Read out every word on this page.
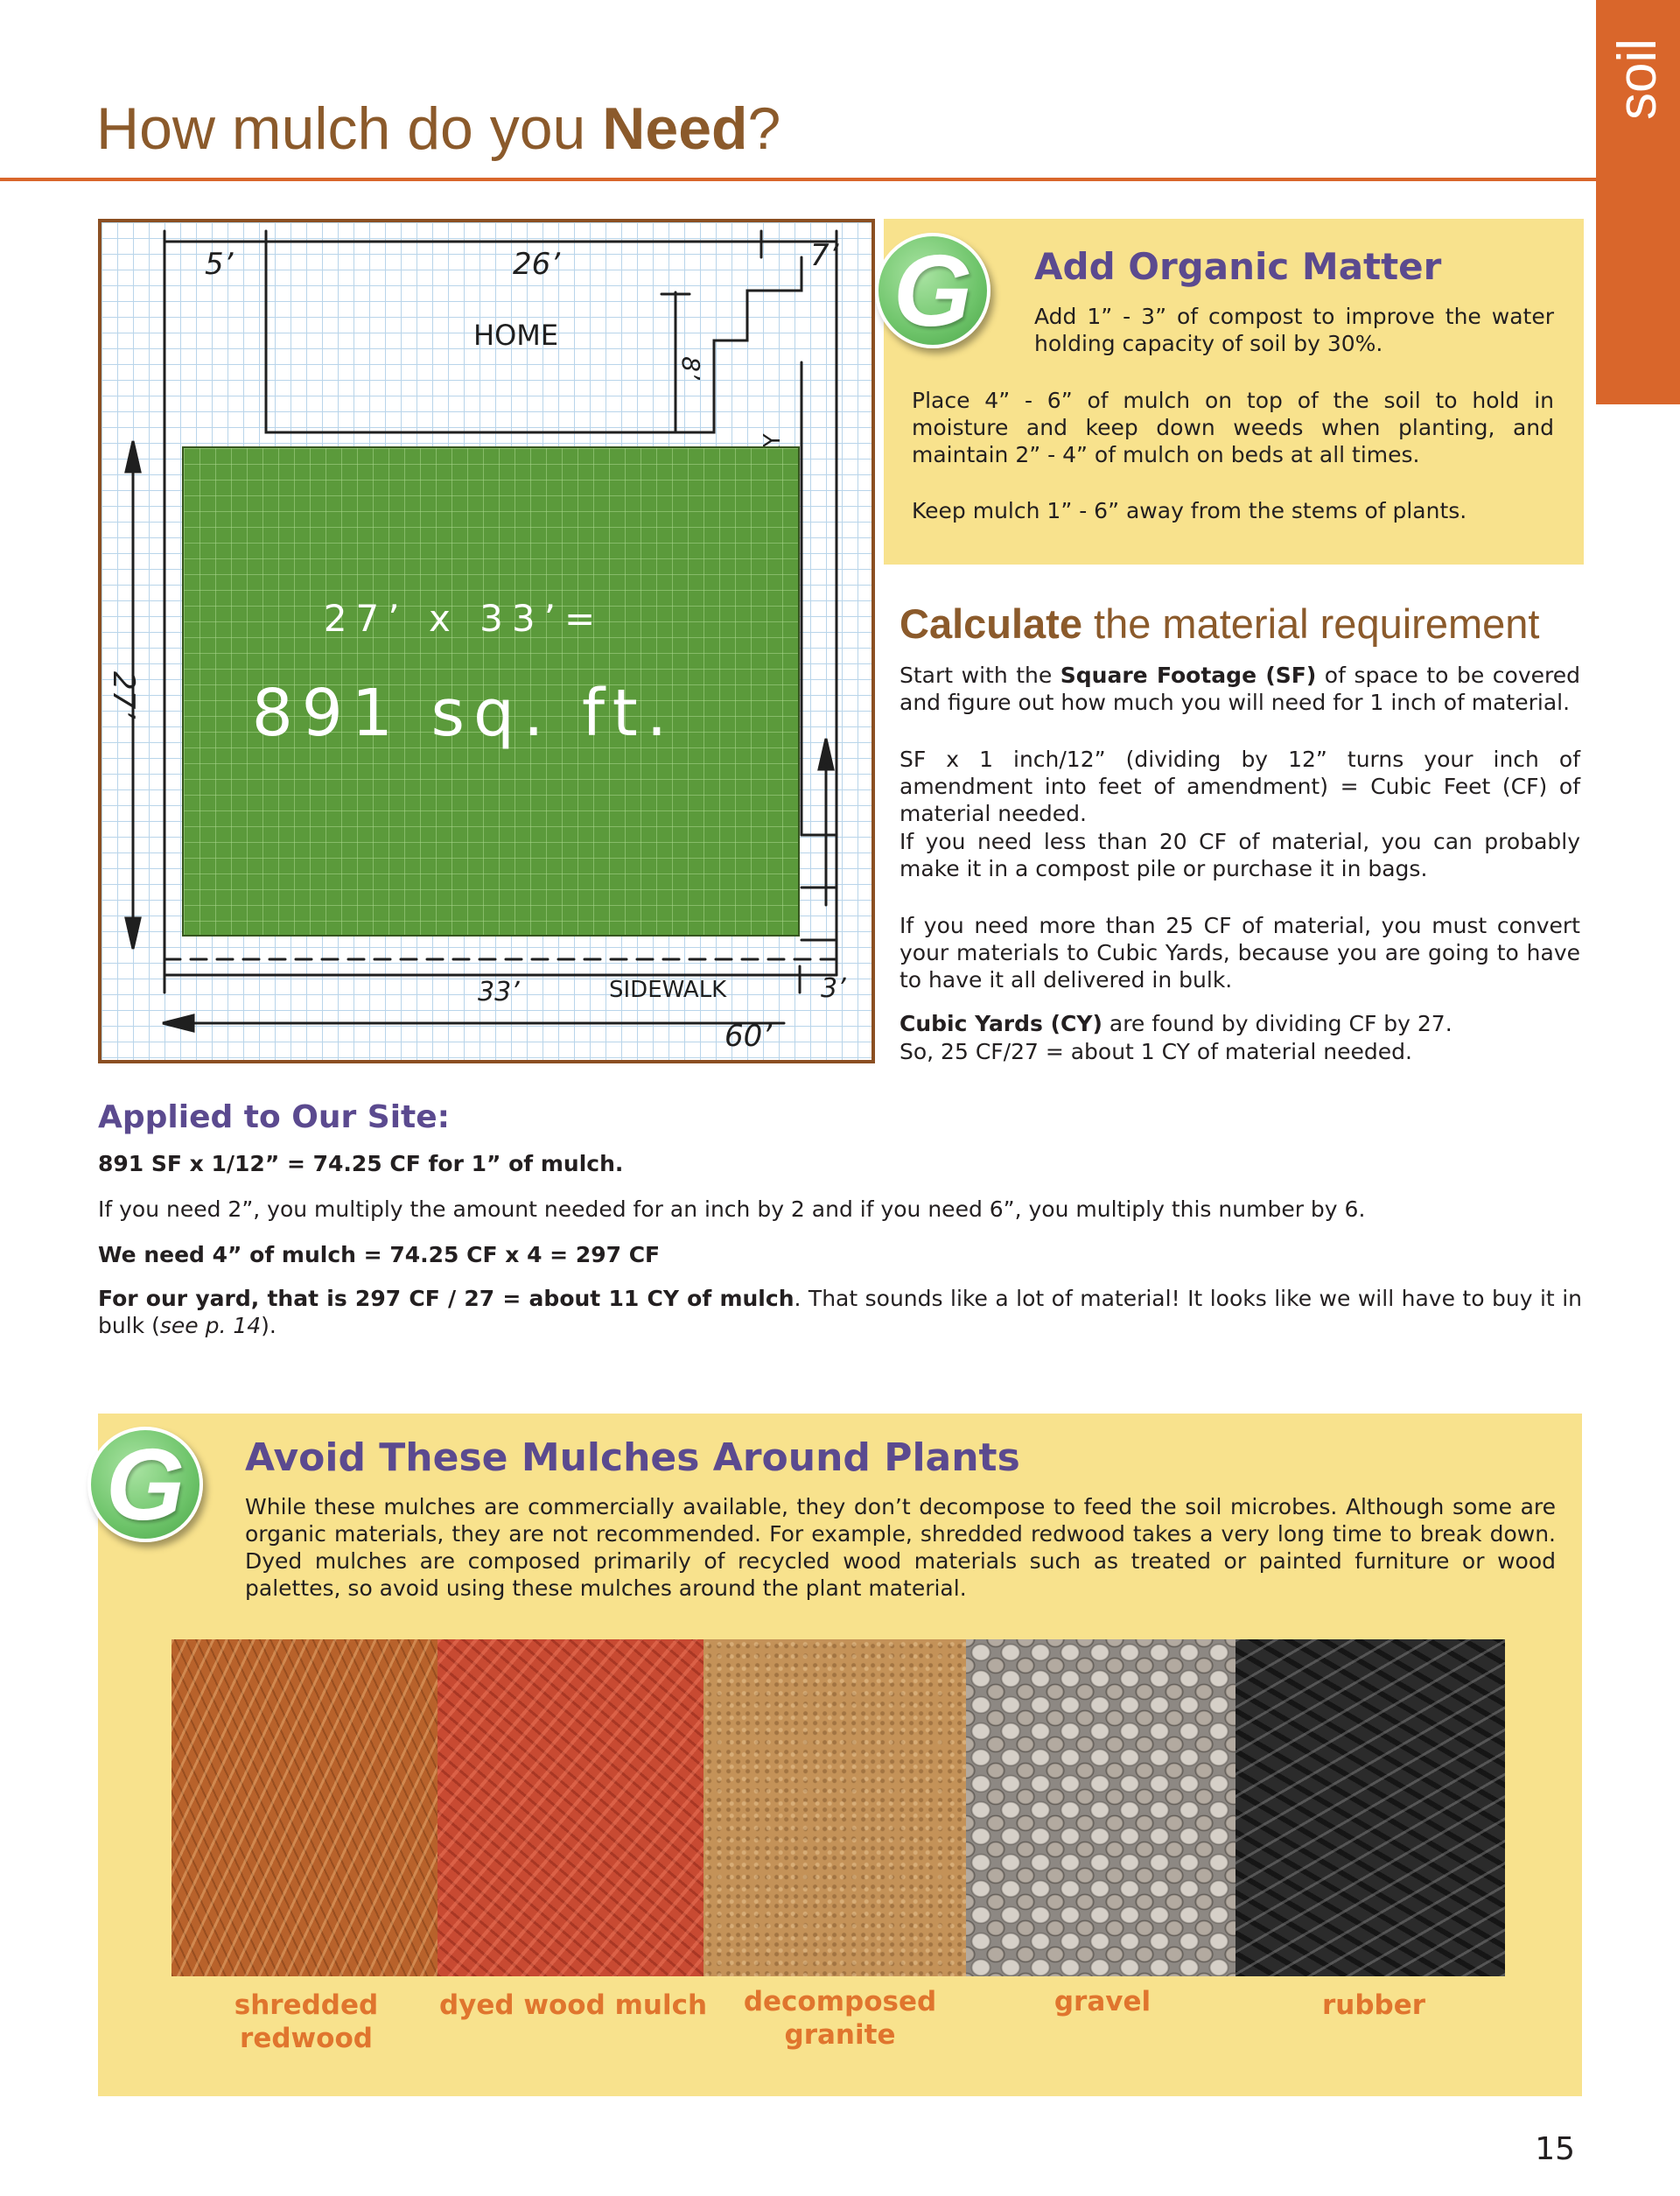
soil
How mulch do you Need?
5’	26’	7’
HOME
8’
27’
33’	SIDEWALK	3’
60’
27’ x 33’=
891 sq. ft.
G Add Organic Matter
Add 1” - 3” of compost to improve the water holding capacity of soil by 30%.
Place 4” - 6” of mulch on top of the soil to hold in moisture and keep down weeds when planting, and maintain 2” - 4” of mulch on beds at all times.
Keep mulch 1” - 6” away from the stems of plants.
Calculate the material requirement
Start with the Square Footage (SF) of space to be covered and figure out how much you will need for 1 inch of material.
SF x 1 inch/12” (dividing by 12” turns your inch of amendment into feet of amendment) = Cubic Feet (CF) of material needed.
If you need less than 20 CF of material, you can probably make it in a compost pile or purchase it in bags.
If you need more than 25 CF of material, you must convert your materials to Cubic Yards, because you are going to have to have it all delivered in bulk.
Cubic Yards (CY) are found by dividing CF by 27.
So, 25 CF/27 = about 1 CY of material needed.
Applied to Our Site:
891 SF x 1/12” = 74.25 CF for 1” of mulch.
If you need 2”, you multiply the amount needed for an inch by 2 and if you need 6”, you multiply this number by 6.
We need 4” of mulch = 74.25 CF x 4 = 297 CF
For our yard, that is 297 CF / 27 = about 11 CY of mulch. That sounds like a lot of material! It looks like we will have to buy it in bulk (see p. 14).
G Avoid These Mulches Around Plants
While these mulches are commercially available, they don’t decompose to feed the soil microbes. Although some are organic materials, they are not recommended. For example, shredded redwood takes a very long time to break down. Dyed mulches are composed primarily of recycled wood materials such as treated or painted furniture or wood palettes, so avoid using these mulches around the plant material.
shredded redwood
dyed wood mulch	decomposed granite
gravel	rubber
15
